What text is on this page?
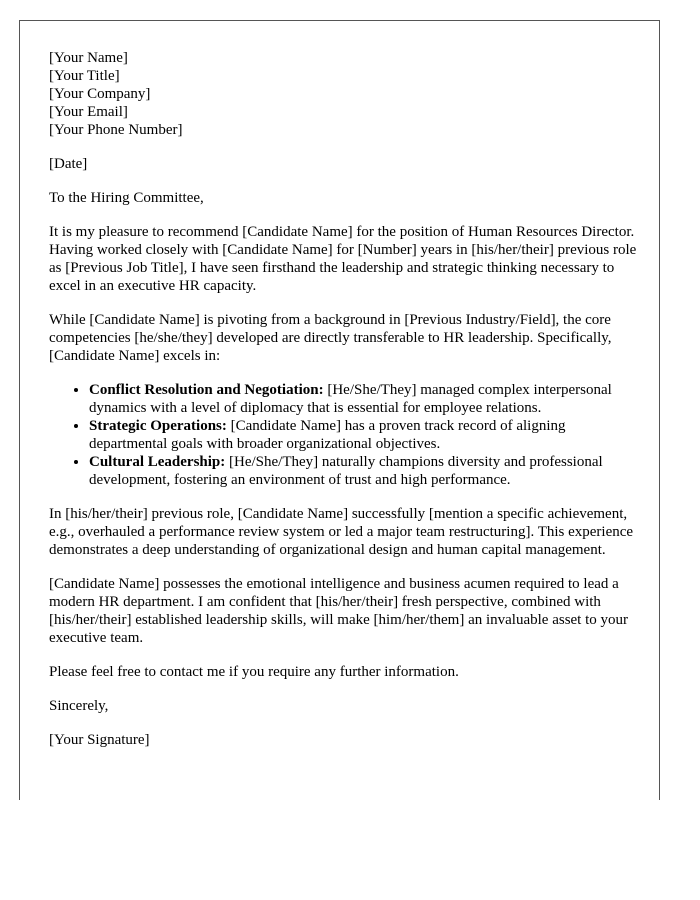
[Your Name]

[Your Title]

[Your Company]

[Your Email]

[Your Phone Number]

[Date]

To the Hiring Committee,

It is my pleasure to recommend [Candidate Name] for the position of Human Resources Director. Having worked closely with [Candidate Name] for [Number] years in [his/her/their] previous role as [Previous Job Title], I have seen firsthand the leadership and strategic thinking necessary to excel in an executive HR capacity.

While [Candidate Name] is pivoting from a background in [Previous Industry/Field], the core competencies [he/she/they] developed are directly transferable to HR leadership. Specifically, [Candidate Name] excels in:

• Conflict Resolution and Negotiation: [He/She/They] managed complex interpersonal dynamics with a level of diplomacy that is essential for employee relations.
• Strategic Operations: [Candidate Name] has a proven track record of aligning departmental goals with broader organizational objectives.
• Cultural Leadership: [He/She/They] naturally champions diversity and professional development, fostering an environment of trust and high performance.

In [his/her/their] previous role, [Candidate Name] successfully [mention a specific achievement, e.g., overhauled a performance review system or led a major team restructuring]. This experience demonstrates a deep understanding of organizational design and human capital management.

[Candidate Name] possesses the emotional intelligence and business acumen required to lead a modern HR department. I am confident that [his/her/their] fresh perspective, combined with [his/her/their] established leadership skills, will make [him/her/them] an invaluable asset to your executive team.

Please feel free to contact me if you require any further information.

Sincerely,

[Your Signature]
